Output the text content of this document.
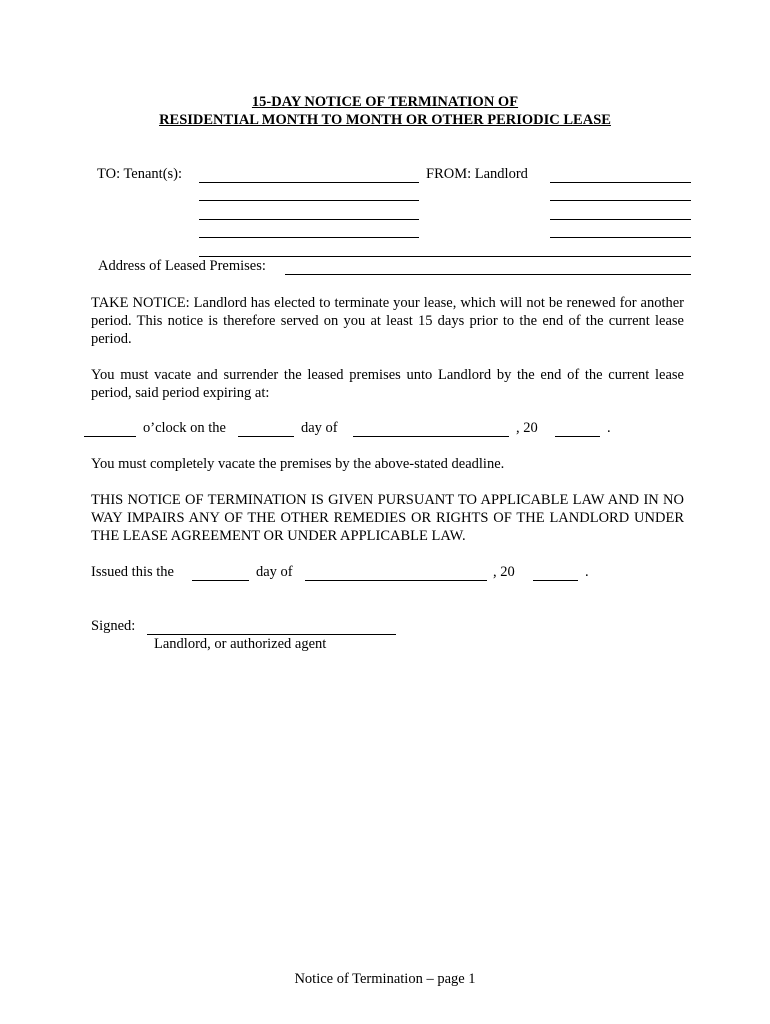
15-DAY NOTICE OF TERMINATION OF
RESIDENTIAL MONTH TO MONTH OR OTHER PERIODIC LEASE
TO: Tenant(s):	FROM: Landlord
Address of Leased Premises:
TAKE NOTICE: Landlord has elected to terminate your lease, which will not be renewed for another period. This notice is therefore served on you at least 15 days prior to the end of the current lease period.
You must vacate and surrender the leased premises unto Landlord by the end of the current lease period, said period expiring at:
o’clock on the	day of	, 20	.
You must completely vacate the premises by the above-stated deadline.
THIS NOTICE OF TERMINATION IS GIVEN PURSUANT TO APPLICABLE LAW AND IN NO WAY IMPAIRS ANY OF THE OTHER REMEDIES OR RIGHTS OF THE LANDLORD UNDER THE LEASE AGREEMENT OR UNDER APPLICABLE LAW.
Issued this the	day of	, 20	.
Signed:
Landlord, or authorized agent
Notice of Termination – page 1
